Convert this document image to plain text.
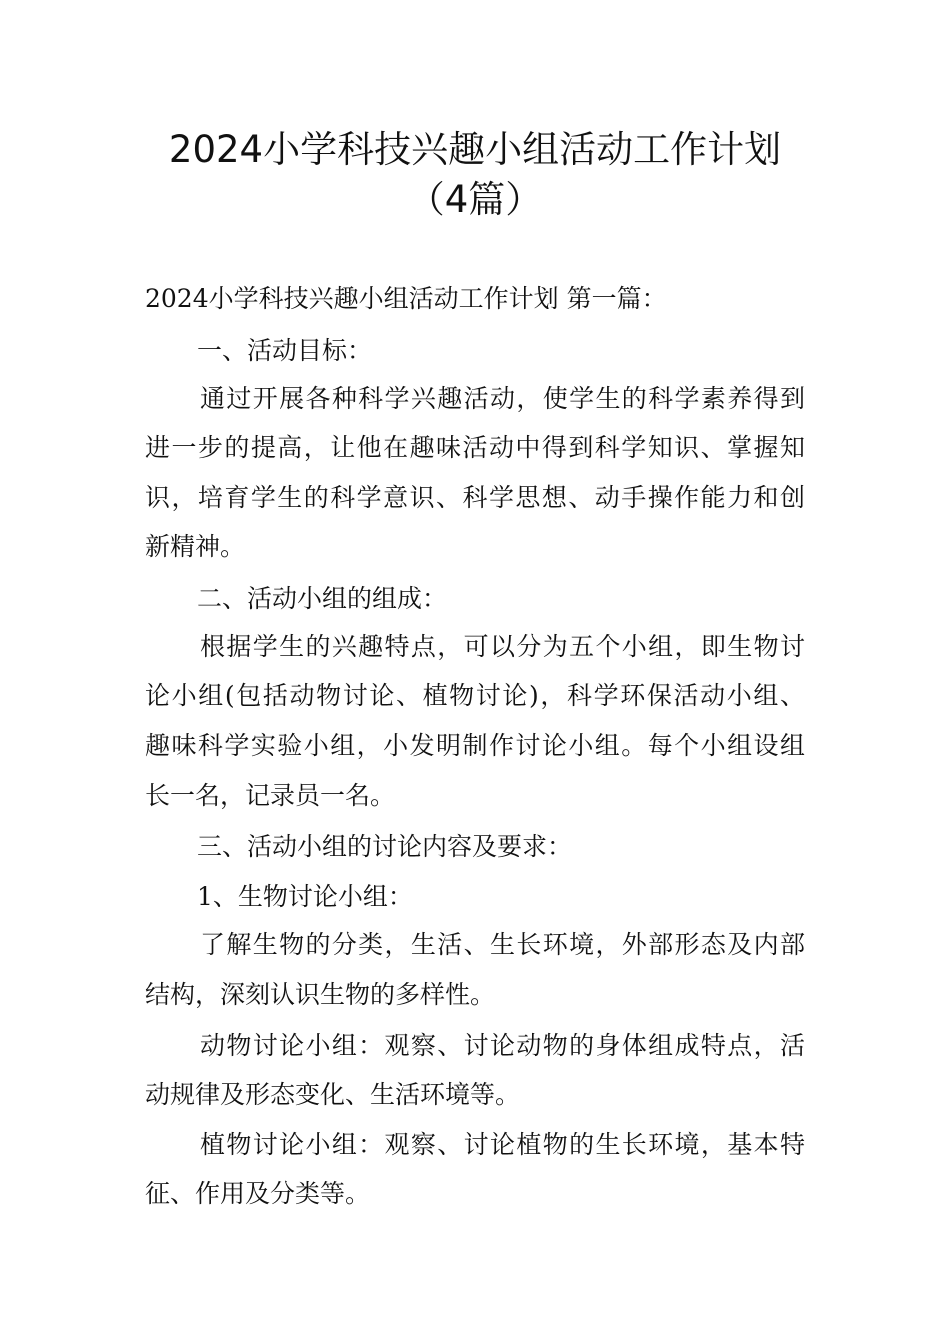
2024小学科技兴趣小组活动工作计划
（4篇）
2024小学科技兴趣小组活动工作计划 第一篇：
一、活动目标：
通过开展各种科学兴趣活动，使学生的科学素养得到
进一步的提高，让他在趣味活动中得到科学知识、掌握知
识，培育学生的科学意识、科学思想、动手操作能力和创
新精神。
二、活动小组的组成：
根据学生的兴趣特点，可以分为五个小组，即生物讨
论小组(包括动物讨论、植物讨论)，科学环保活动小组、
趣味科学实验小组，小发明制作讨论小组。每个小组设组
长一名，记录员一名。
三、活动小组的讨论内容及要求：
1、生物讨论小组：
了解生物的分类，生活、生长环境，外部形态及内部
结构，深刻认识生物的多样性。
动物讨论小组：观察、讨论动物的身体组成特点，活
动规律及形态变化、生活环境等。
植物讨论小组：观察、讨论植物的生长环境，基本特
征、作用及分类等。
